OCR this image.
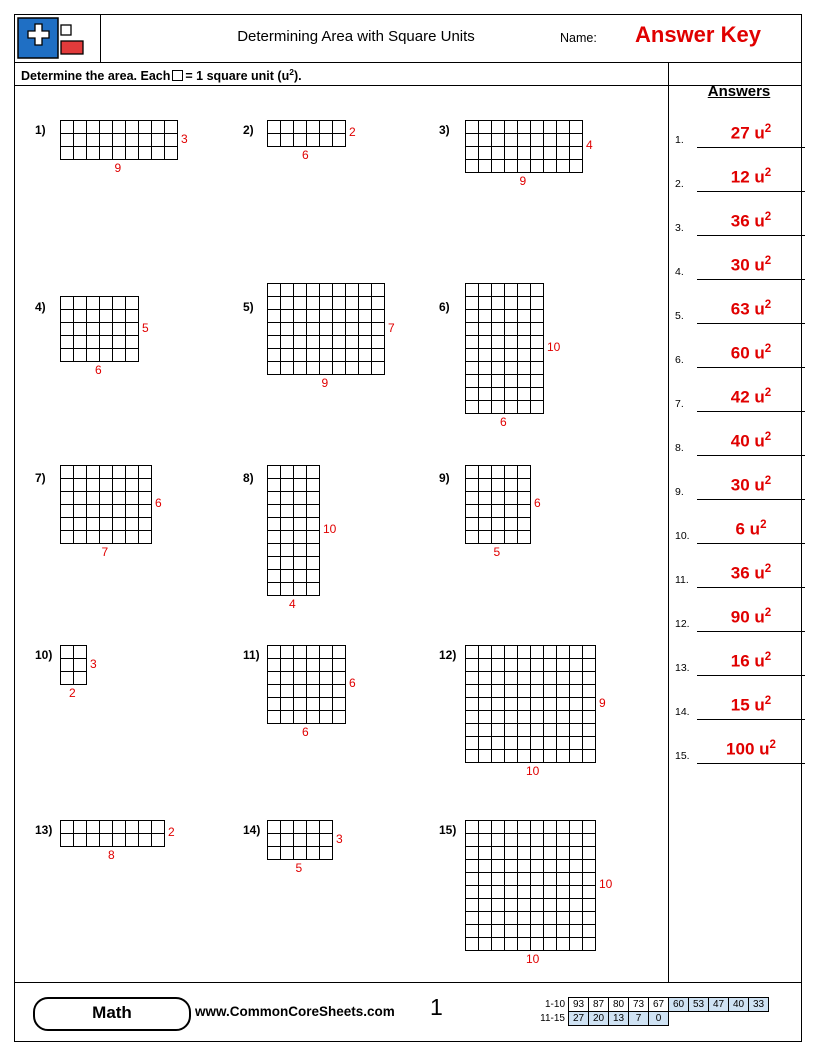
Determining Area with Square Units	Name: Answer Key
Determine the area. Each = 1 square unit $(u^2)$.
1)
3
9
2)	2
6
3)
4
9
4)
5
6
5)
7
9
6)
10
6
7)
6
7
8)
10
4
9)
6
5
10)
3
2
11)
6
6
12)
9
10
13)	2
8
14)
3
5
15)
10
10
Answers
1.	27 $u^2$
2.	12 $u^2$
3.	36 $u^2$
4.	30 $u^2$
5.	63 $u^2$
6.	60 $u^2$
7.	42 $u^2$
8.	40 $u^2$
9.	30 $u^2$
10.	6 $u^2$
11.	36 $u^2$
12.	90 $u^2$
13.	16 $u^2$
14.	15 $u^2$
15.	100 $u^2$
Math	www.CommonCoreSheets.com 1	1-10	93	87	80	73	67	60	53	47	40	33
11-15	27	20	13	7	0					
